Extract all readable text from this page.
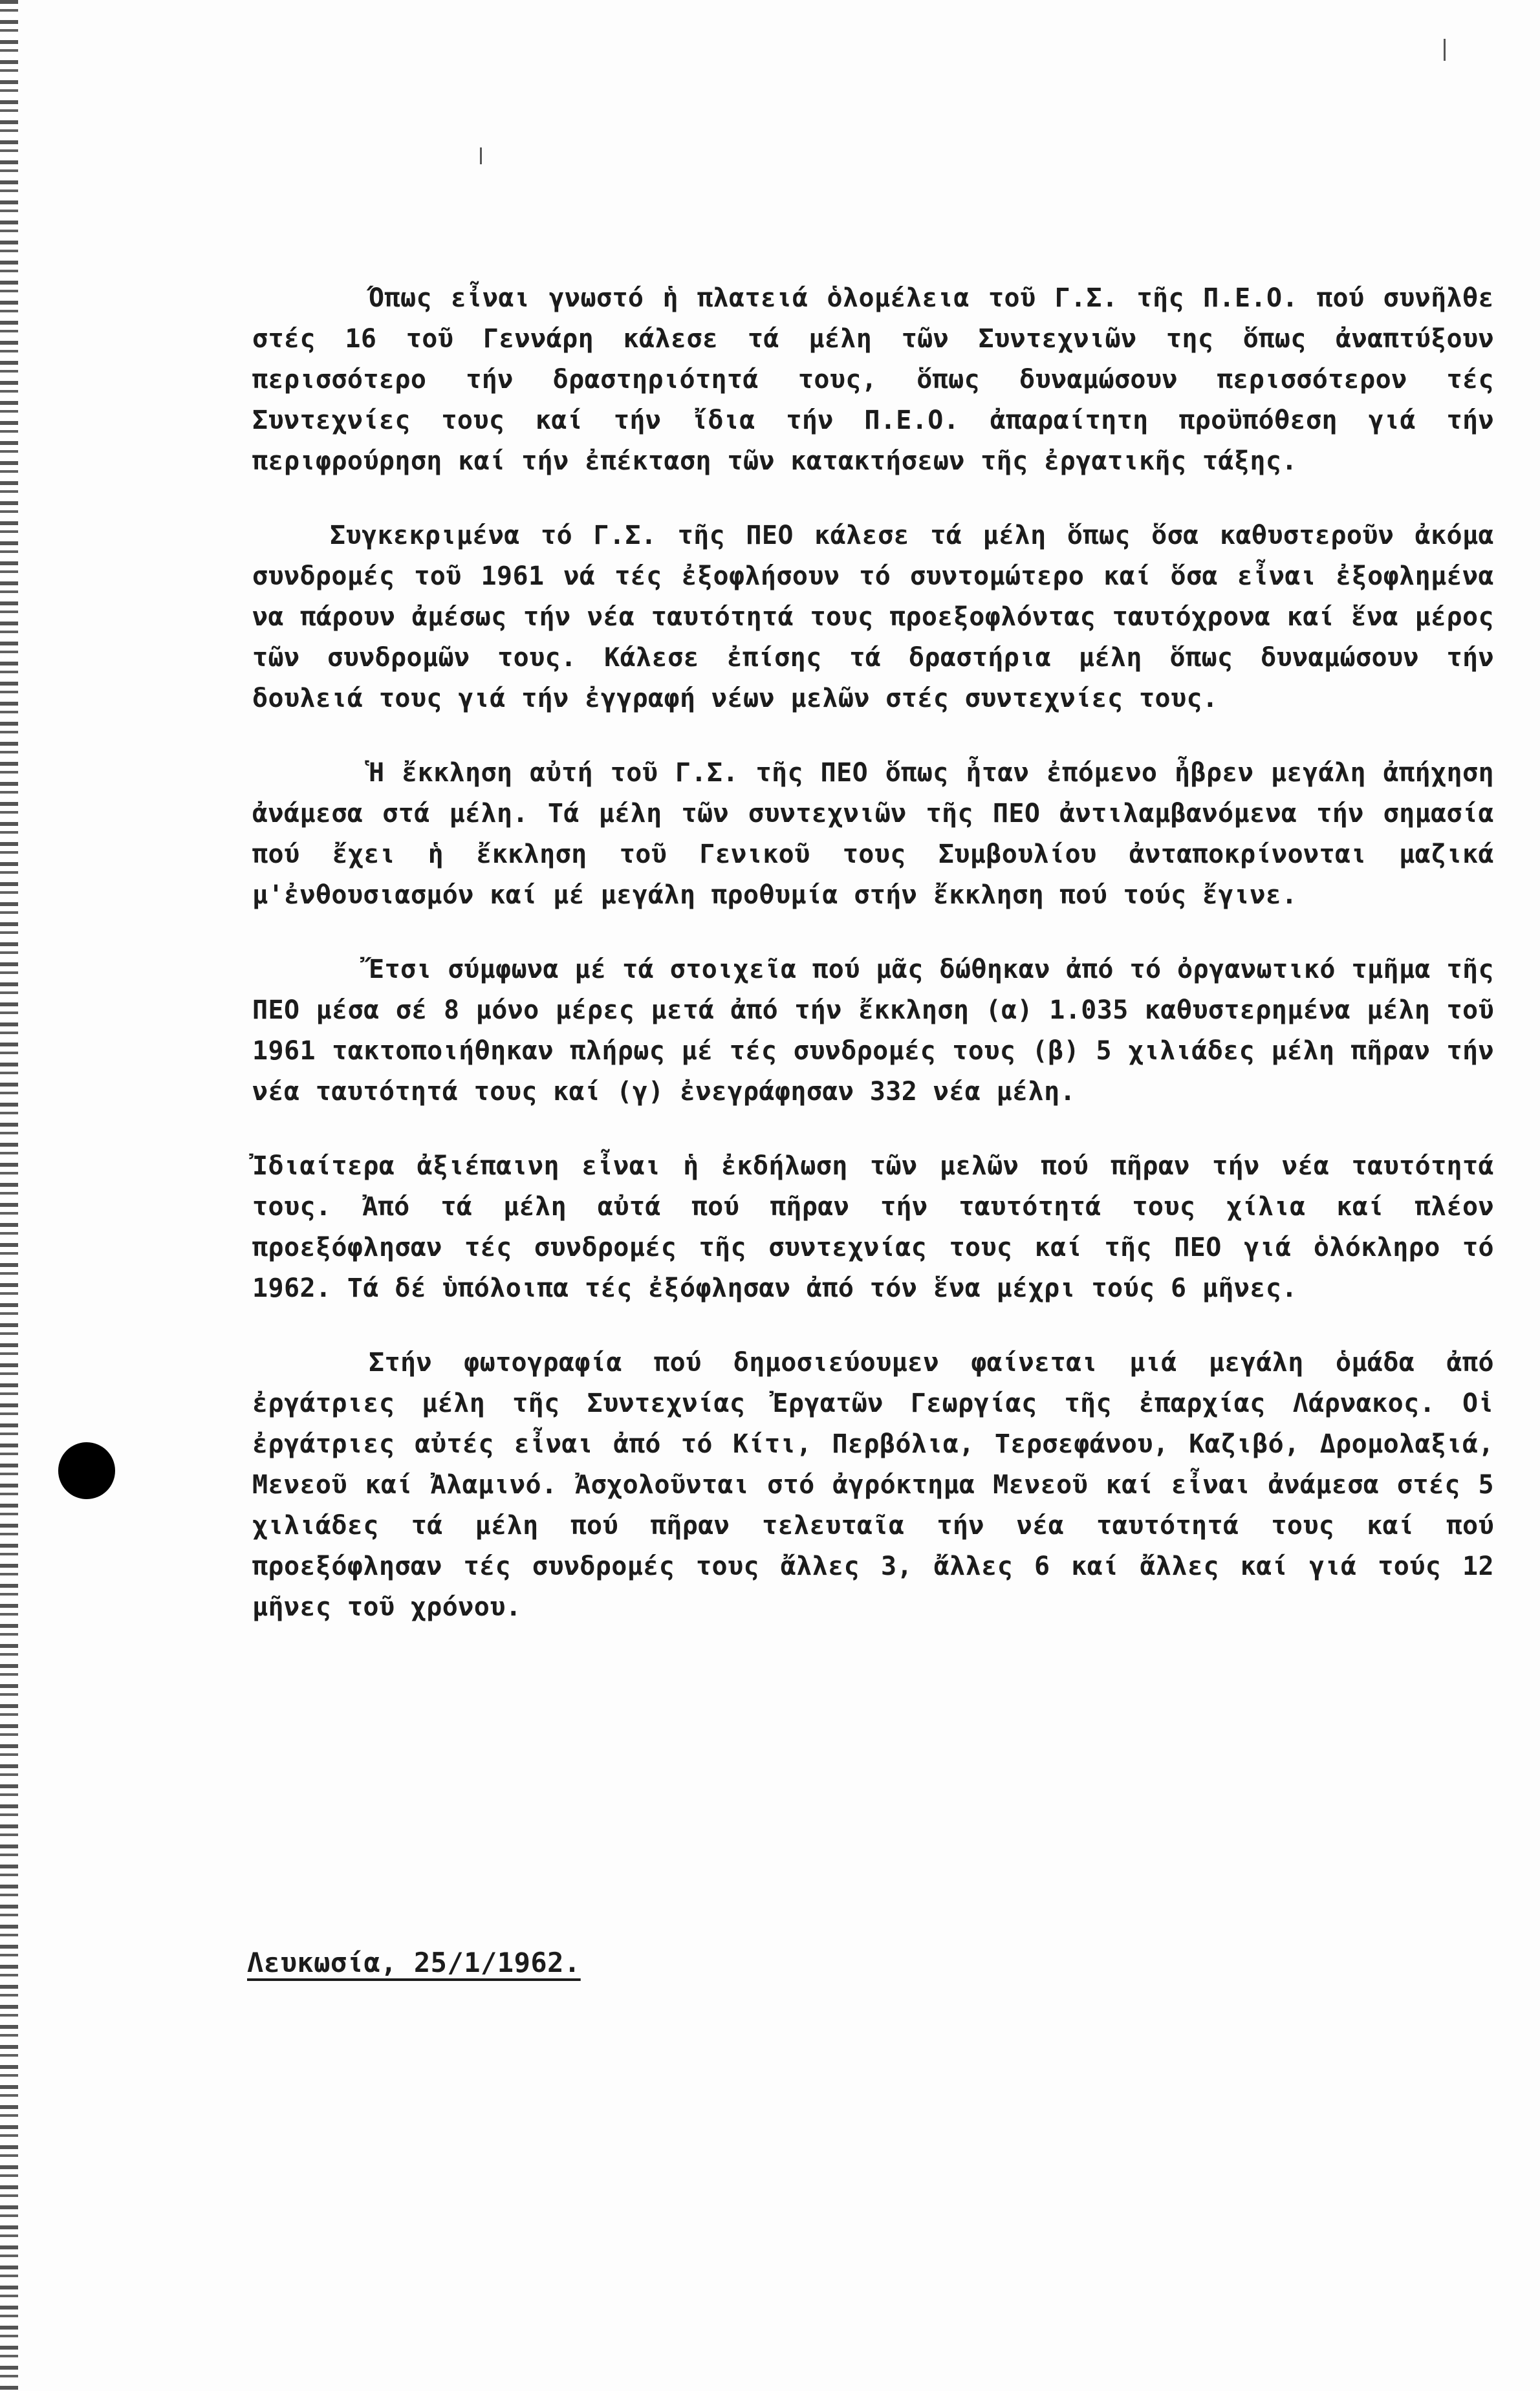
Όπως εἶναι γνωστό ἡ πλατειά ὁλομέλεια τοῦ Γ.Σ. τῆς Π.Ε.Ο. πού συνῆλθε στές 16 τοῦ Γεννάρη κάλεσε τά μέλη τῶν Συντεχνιῶν της ὅπως ἀναπτύξουν περισσότερο τήν δραστηριότητά τους, ὅπως δυναμώσουν περισσότερον τές Συντεχνίες τους καί τήν ἴδια τήν Π.Ε.Ο. ἀπαραίτητη προϋπόθεση γιά τήν περιφρούρηση καί τήν ἐπέκταση τῶν κατακτήσεων τῆς ἐργατικῆς τάξης.

Συγκεκριμένα τό Γ.Σ. τῆς ΠΕΟ κάλεσε τά μέλη ὅπως ὅσα καθυστεροῦν ἀκόμα συνδρομές τοῦ 1961 νά τές ἐξοφλήσουν τό συντομώτερο καί ὅσα εἶναι ἐξοφλημένα να πάρουν ἀμέσως τήν νέα ταυτότητά τους προεξοφλόντας ταυτόχρονα καί ἕνα μέρος τῶν συνδρομῶν τους. Κάλεσε ἐπίσης τά δραστήρια μέλη ὅπως δυναμώσουν τήν δουλειά τους γιά τήν ἐγγραφή νέων μελῶν στές συντεχνίες τους.

Ἡ ἔκκληση αὐτή τοῦ Γ.Σ. τῆς ΠΕΟ ὅπως ἦταν ἐπόμενο ἦβρεν μεγάλη ἀπήχηση ἀνάμεσα στά μέλη. Τά μέλη τῶν συντεχνιῶν τῆς ΠΕΟ ἀντιλαμβανόμενα τήν σημασία πού ἔχει ἡ ἔκκληση τοῦ Γενικοῦ τους Συμβουλίου ἀνταποκρίνονται μαζικά μ'ἐνθουσιασμόν καί μέ μεγάλη προθυμία στήν ἔκκληση πού τούς ἔγινε.

Ἔτσι σύμφωνα μέ τά στοιχεῖα πού μᾶς δώθηκαν ἀπό τό ὀργανωτικό τμῆμα τῆς ΠΕΟ μέσα σέ 8 μόνο μέρες μετά ἀπό τήν ἔκκληση (α) 1.035 καθυστερημένα μέλη τοῦ 1961 τακτοποιήθηκαν πλήρως μέ τές συνδρομές τους (β) 5 χιλιάδες μέλη πῆραν τήν νέα ταυτότητά τους καί (γ) ἐνεγράφησαν 332 νέα μέλη.

Ἰδιαίτερα ἀξιέπαινη εἶναι ἡ ἐκδήλωση τῶν μελῶν πού πῆραν τήν νέα ταυτότητά τους. Ἀπό τά μέλη αὐτά πού πῆραν τήν ταυτότητά τους χίλια καί πλέον προεξόφλησαν τές συνδρομές τῆς συντεχνίας τους καί τῆς ΠΕΟ γιά ὁλόκληρο τό 1962. Τά δέ ὑπόλοιπα τές ἐξόφλησαν ἀπό τόν ἕνα μέχρι τούς 6 μῆνες.

Στήν φωτογραφία πού δημοσιεύουμεν φαίνεται μιά μεγάλη ὁμάδα ἀπό ἐργάτριες μέλη τῆς Συντεχνίας Ἐργατῶν Γεωργίας τῆς ἐπαρχίας Λάρνακος. Οἱ ἐργάτριες αὐτές εἶναι ἀπό τό Κίτι, Περβόλια, Τερσεφάνου, Καζιβό, Δρομολαξιά, Μενεοῦ καί Ἀλαμινό. Ἀσχολοῦνται στό ἀγρόκτημα Μενεοῦ καί εἶναι ἀνάμεσα στές 5 χιλιάδες τά μέλη πού πῆραν τελευταῖα τήν νέα ταυτότητά τους καί πού προεξόφλησαν τές συνδρομές τους ἄλλες 3, ἄλλες 6 καί ἄλλες καί γιά τούς 12 μῆνες τοῦ χρόνου.

Λευκωσία, 25/1/1962.
